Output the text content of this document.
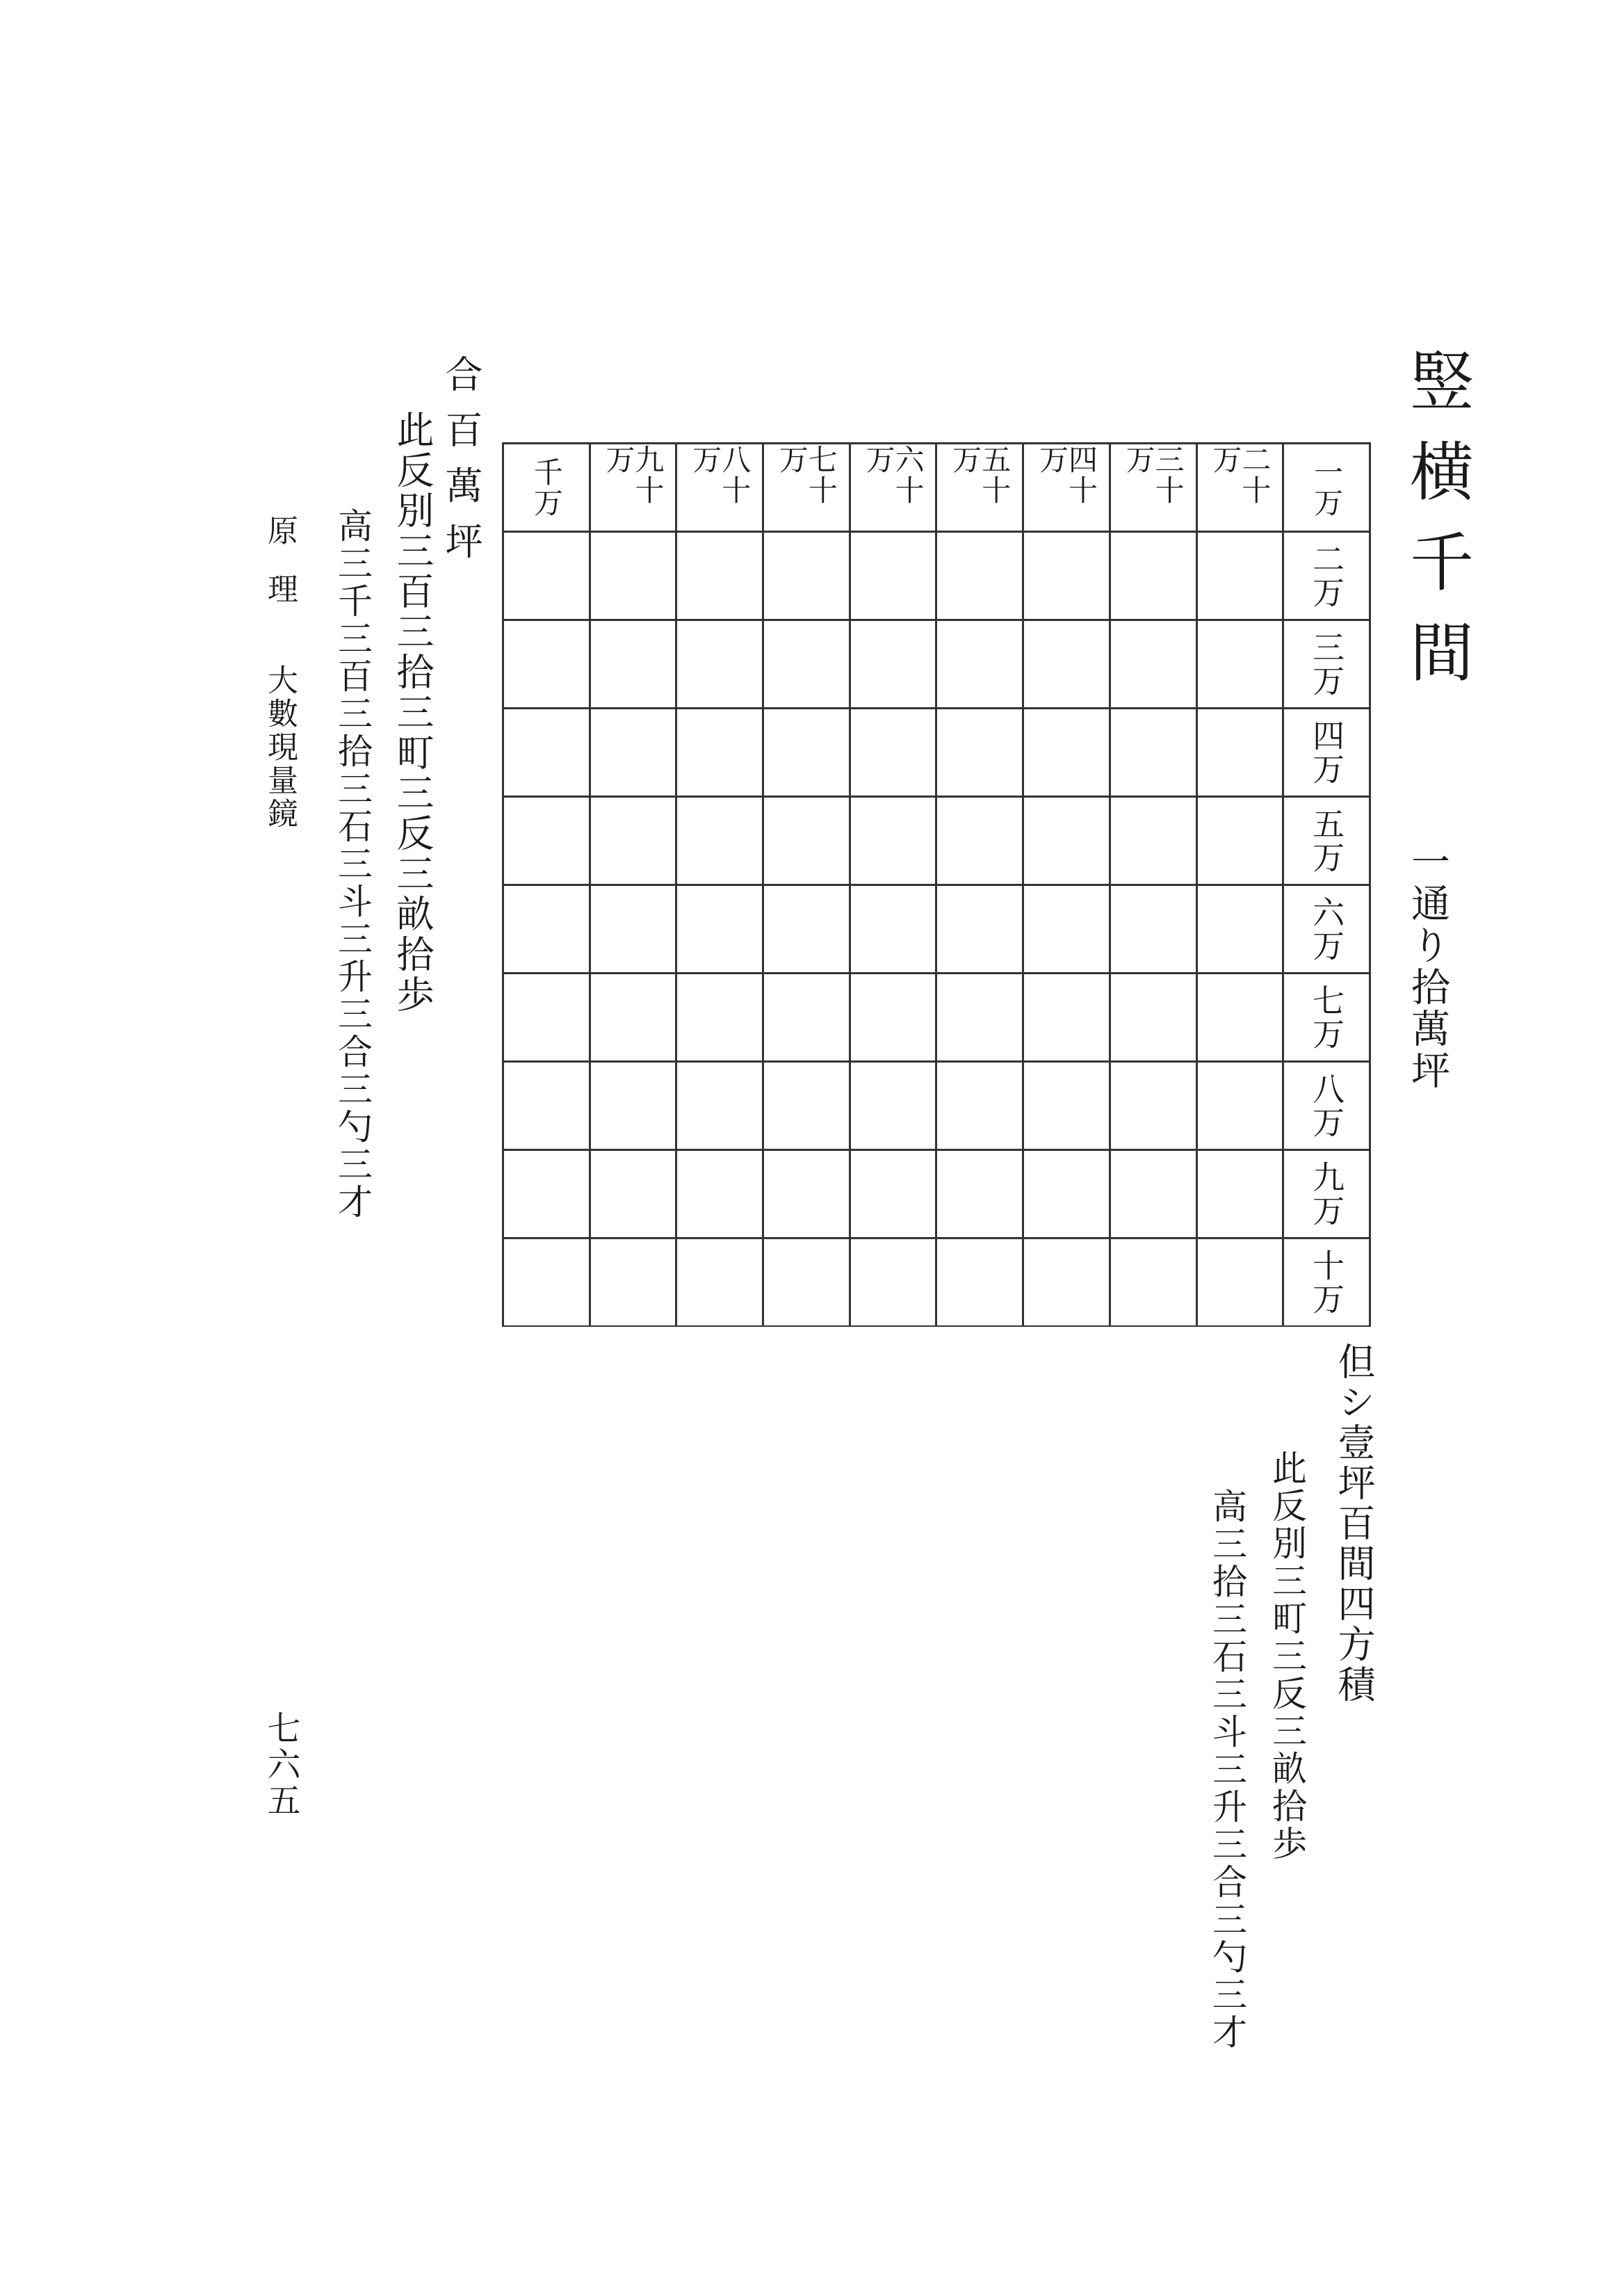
竪横千間
一通り拾萬坪
但シ壹坪百間四方積
此反別三町三反三畝拾歩
高三拾三石三斗三升三合三勺三才
合百萬坪
此反別三百三拾三町三反三畝拾歩
高三千三百三拾三石三斗三升三合三勺三才
原理
大數現量鏡
七六五
千万	九十万	八十万	七十万	六十万	五十万	四十万	三十万	二十万	一万

二万

三万

四万

五万

六万

七万

八万

九万

十万
